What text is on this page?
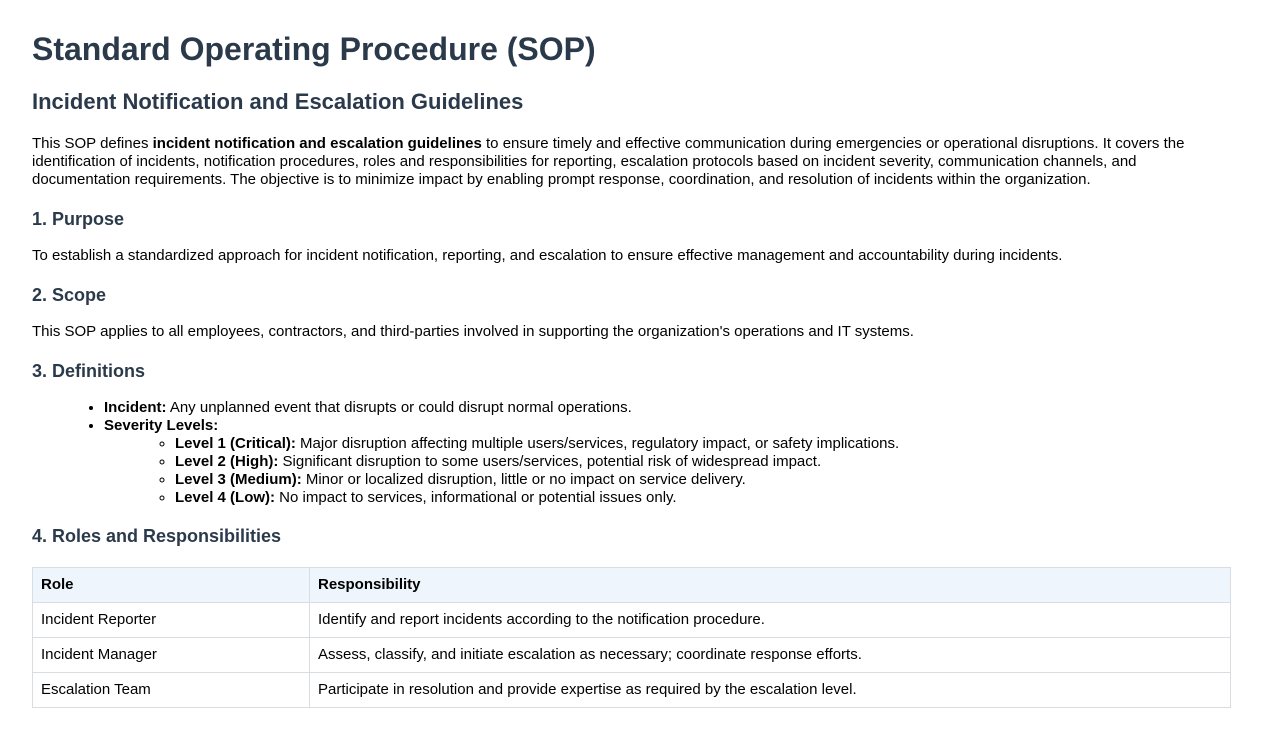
Standard Operating Procedure (SOP)
Incident Notification and Escalation Guidelines

This SOP defines incident notification and escalation guidelines to ensure timely and effective communication during emergencies or operational disruptions. It covers the identification of incidents, notification procedures, roles and responsibilities for reporting, escalation protocols based on incident severity, communication channels, and documentation requirements. The objective is to minimize impact by enabling prompt response, coordination, and resolution of incidents within the organization.

1. Purpose

To establish a standardized approach for incident notification, reporting, and escalation to ensure effective management and accountability during incidents.

2. Scope

This SOP applies to all employees, contractors, and third-parties involved in supporting the organization's operations and IT systems.

3. Definitions
• Incident: Any unplanned event that disrupts or could disrupt normal operations.
• Severity Levels:
◦ Level 1 (Critical): Major disruption affecting multiple users/services, regulatory impact, or safety implications.
◦ Level 2 (High): Significant disruption to some users/services, potential risk of widespread impact.
◦ Level 3 (Medium): Minor or localized disruption, little or no impact on service delivery.
◦ Level 4 (Low): No impact to services, informational or potential issues only.
4. Roles and Responsibilities
Role	Responsibility
Incident Reporter	Identify and report incidents according to the notification procedure.
Incident Manager	Assess, classify, and initiate escalation as necessary; coordinate response efforts.
Escalation Team	Participate in resolution and provide expertise as required by the escalation level.
